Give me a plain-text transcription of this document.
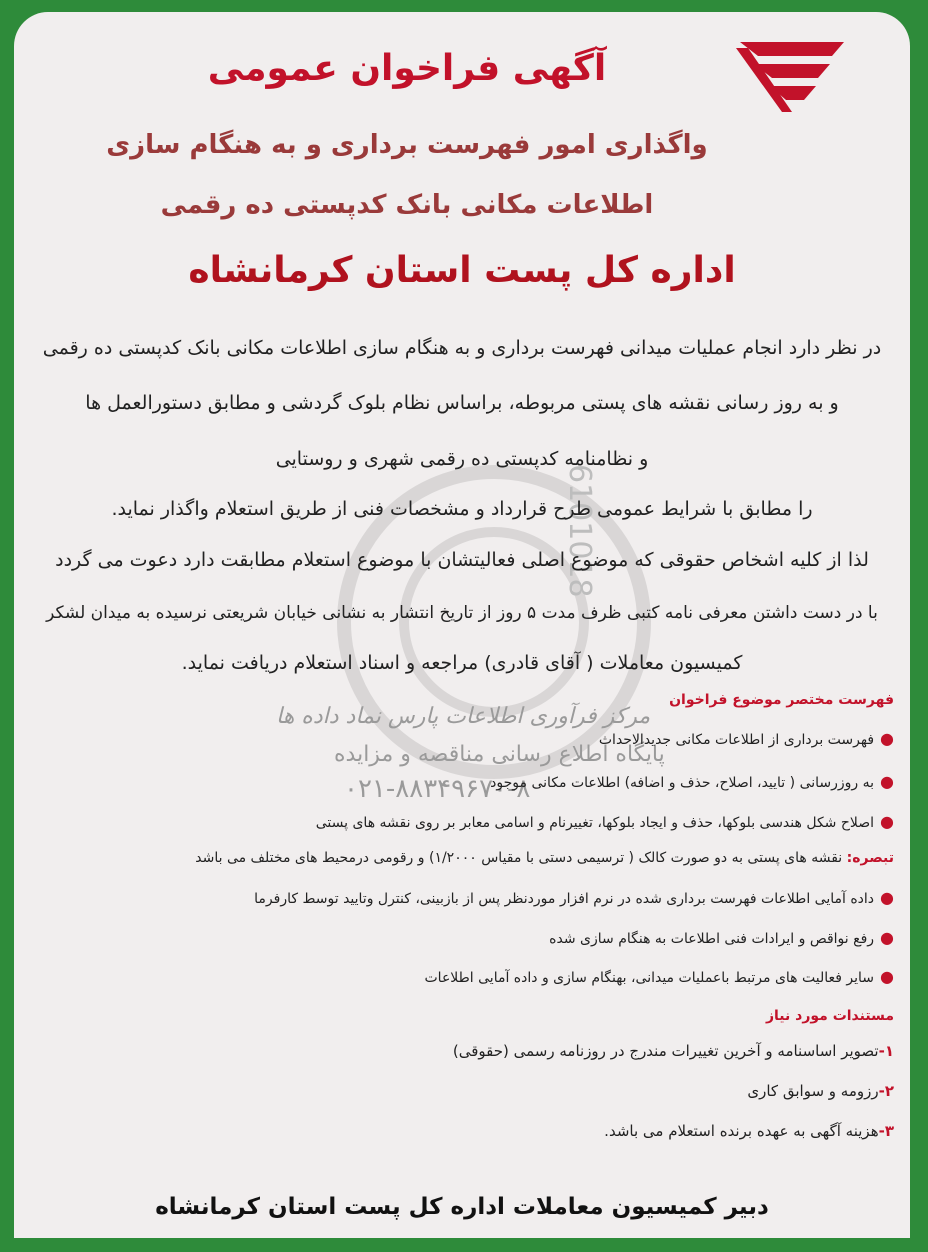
6101018

مرکز فرآوری اطلاعات پارس نماد داده ها

پایگاه اطلاع رسانی مناقصه و مزایده

۰۲۱-۸۸۳۴۹۶۷۰-۸

آگهی فراخوان عمومی
واگذاری امور فهرست برداری و به هنگام سازی
اطلاعات مکانی بانک کدپستی ده رقمی
اداره کل پست استان کرمانشاه

در نظر دارد انجام عملیات میدانی فهرست برداری و به هنگام سازی اطلاعات مکانی بانک کدپستی ده رقمی

و به روز رسانی نقشه های پستی مربوطه، براساس نظام بلوک گردشی و مطابق دستورالعمل ها

و نظامنامه کدپستی ده رقمی شهری و روستایی

را مطابق با شرایط عمومی طرح قرارداد و مشخصات فنی از طریق استعلام واگذار نماید.

لذا از کلیه اشخاص حقوقی که موضوع اصلی فعالیتشان با موضوع استعلام مطابقت دارد دعوت می گردد

با در دست داشتن معرفی نامه کتبی ظرف مدت ۵ روز از تاریخ انتشار به نشانی خیابان شریعتی نرسیده به میدان لشکر

کمیسیون معاملات ( آقای قادری) مراجعه و اسناد استعلام دریافت نماید.

فهرست مختصر موضوع فراخوان

●فهرست برداری از اطلاعات مکانی جدیدالاحداث

●به روزرسانی ( تایید، اصلاح، حذف و اضافه) اطلاعات مکانی موجود

●اصلاح شکل هندسی بلوکها، حذف و ایجاد بلوکها، تغییرنام و اسامی معابر بر روی نقشه های پستی

تبصره: نقشه های پستی به دو صورت کالک ( ترسیمی دستی با مقیاس ۱/۲۰۰۰) و رقومی درمحیط های مختلف می باشد

●داده آمایی اطلاعات فهرست برداری شده در نرم افزار موردنظر پس از بازبینی، کنترل وتایید توسط کارفرما

●رفع نواقص و ایرادات فنی اطلاعات به هنگام سازی شده

●سایر فعالیت های مرتبط باعملیات میدانی، بهنگام سازی و داده آمایی اطلاعات

مستندات مورد نیاز

۱-تصویر اساسنامه و آخرین تغییرات مندرج در روزنامه رسمی (حقوقی)

۲-رزومه و سوابق کاری

۳-هزینه آگهی به عهده برنده استعلام می باشد.

دبیر کمیسیون معاملات اداره کل پست استان کرمانشاه
